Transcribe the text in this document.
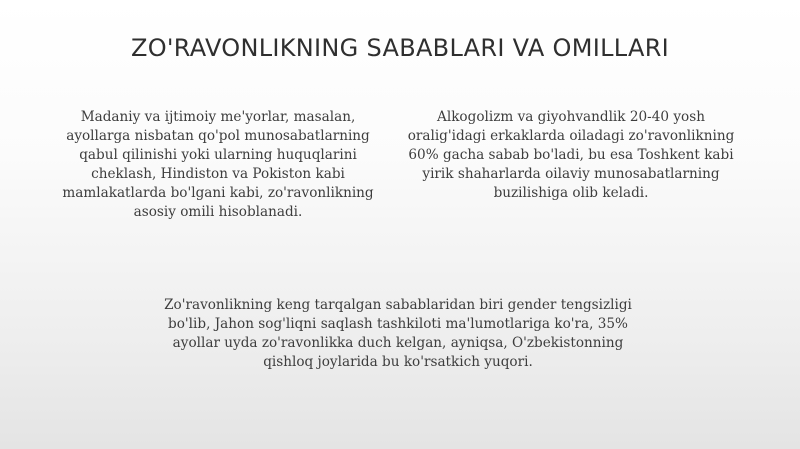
ZO'RAVONLIKNING SABABLARI VA OMILLARI

Madaniy va ijtimoiy me'yorlar, masalan, ayollarga nisbatan qo'pol munosabatlarning qabul qilinishi yoki ularning huquqlarini cheklash, Hindiston va Pokiston kabi mamlakatlarda bo'lgani kabi, zo'ravonlikning asosiy omili hisoblanadi.

Alkogolizm va giyohvandlik 20-40 yosh oralig'idagi erkaklarda oiladagi zo'ravonlikning 60% gacha sabab bo'ladi, bu esa Toshkent kabi yirik shaharlarda oilaviy munosabatlarning buzilishiga olib keladi.

Zo'ravonlikning keng tarqalgan sabablaridan biri gender tengsizligi bo'lib, Jahon sog'liqni saqlash tashkiloti ma'lumotlariga ko'ra, 35% ayollar uyda zo'ravonlikka duch kelgan, ayniqsa, O'zbekistonning qishloq joylarida bu ko'rsatkich yuqori.
